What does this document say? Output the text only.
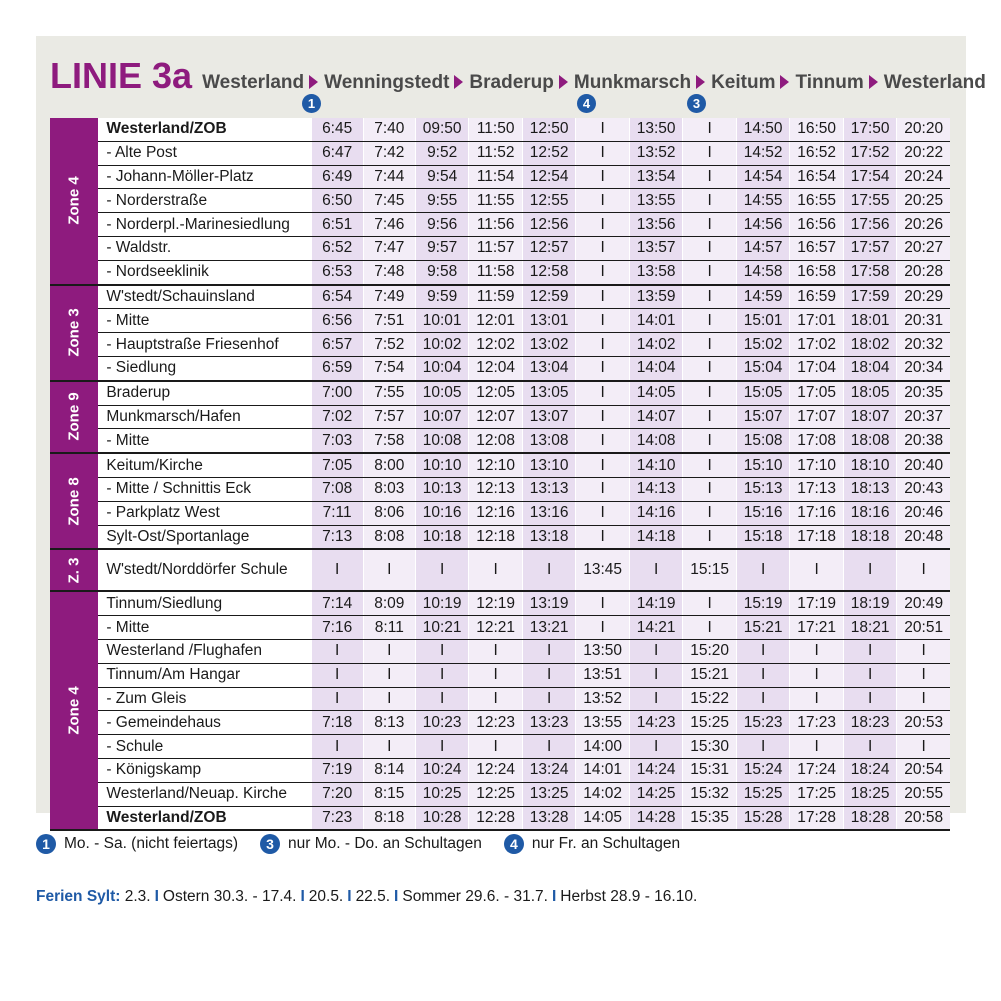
LINIE 3a Westerland Wenningstedt Braderup Munkmarsch Keitum Tinnum Westerland
1	4	3
Zone 4	Westerland/ZOB	6:45	7:40	09:50	11:50	12:50	I	13:50	I	14:50	16:50	17:50	20:20
	- Alte Post	6:47	7:42	9:52	11:52	12:52	I	13:52	I	14:52	16:52	17:52	20:22
	- Johann-Möller-Platz	6:49	7:44	9:54	11:54	12:54	I	13:54	I	14:54	16:54	17:54	20:24
	- Norderstraße	6:50	7:45	9:55	11:55	12:55	I	13:55	I	14:55	16:55	17:55	20:25
	- Norderpl.-Marinesiedlung	6:51	7:46	9:56	11:56	12:56	I	13:56	I	14:56	16:56	17:56	20:26
	- Waldstr.	6:52	7:47	9:57	11:57	12:57	I	13:57	I	14:57	16:57	17:57	20:27
	- Nordseeklinik	6:53	7:48	9:58	11:58	12:58	I	13:58	I	14:58	16:58	17:58	20:28

Zone 3	W'stedt/Schauinsland	6:54	7:49	9:59	11:59	12:59	I	13:59	I	14:59	16:59	17:59	20:29
	- Mitte	6:56	7:51	10:01	12:01	13:01	I	14:01	I	15:01	17:01	18:01	20:31
	- Hauptstraße Friesenhof	6:57	7:52	10:02	12:02	13:02	I	14:02	I	15:02	17:02	18:02	20:32
	- Siedlung	6:59	7:54	10:04	12:04	13:04	I	14:04	I	15:04	17:04	18:04	20:34

Zone 9	Braderup	7:00	7:55	10:05	12:05	13:05	I	14:05	I	15:05	17:05	18:05	20:35
	Munkmarsch/Hafen	7:02	7:57	10:07	12:07	13:07	I	14:07	I	15:07	17:07	18:07	20:37
	- Mitte	7:03	7:58	10:08	12:08	13:08	I	14:08	I	15:08	17:08	18:08	20:38

Zone 8	Keitum/Kirche	7:05	8:00	10:10	12:10	13:10	I	14:10	I	15:10	17:10	18:10	20:40
	- Mitte / Schnittis Eck	7:08	8:03	10:13	12:13	13:13	I	14:13	I	15:13	17:13	18:13	20:43
	- Parkplatz West	7:11	8:06	10:16	12:16	13:16	I	14:16	I	15:16	17:16	18:16	20:46
	Sylt-Ost/Sportanlage	7:13	8:08	10:18	12:18	13:18	I	14:18	I	15:18	17:18	18:18	20:48

Z. 3	W'stedt/Norddörfer Schule	I	I	I	I	I	13:45	I	15:15	I	I	I	I

Zone 4	Tinnum/Siedlung	7:14	8:09	10:19	12:19	13:19	I	14:19	I	15:19	17:19	18:19	20:49
	- Mitte	7:16	8:11	10:21	12:21	13:21	I	14:21	I	15:21	17:21	18:21	20:51
	Westerland /Flughafen	I	I	I	I	I	13:50	I	15:20	I	I	I	I
	Tinnum/Am Hangar	I	I	I	I	I	13:51	I	15:21	I	I	I	I
	- Zum Gleis	I	I	I	I	I	13:52	I	15:22	I	I	I	I
	- Gemeindehaus	7:18	8:13	10:23	12:23	13:23	13:55	14:23	15:25	15:23	17:23	18:23	20:53
	- Schule	I	I	I	I	I	14:00	I	15:30	I	I	I	I
	- Königskamp	7:19	8:14	10:24	12:24	13:24	14:01	14:24	15:31	15:24	17:24	18:24	20:54
	Westerland/Neuap. Kirche	7:20	8:15	10:25	12:25	13:25	14:02	14:25	15:32	15:25	17:25	18:25	20:55
	Westerland/ZOB	7:23	8:18	10:28	12:28	13:28	14:05	14:28	15:35	15:28	17:28	18:28	20:58
1 Mo. - Sa. (nicht feiertags)	3 nur Mo. - Do. an Schultagen	4 nur Fr. an Schultagen
Ferien Sylt: 2.3. I Ostern 30.3. - 17.4. I 20.5. I 22.5. I Sommer 29.6. - 31.7. I Herbst 28.9 - 16.10.
